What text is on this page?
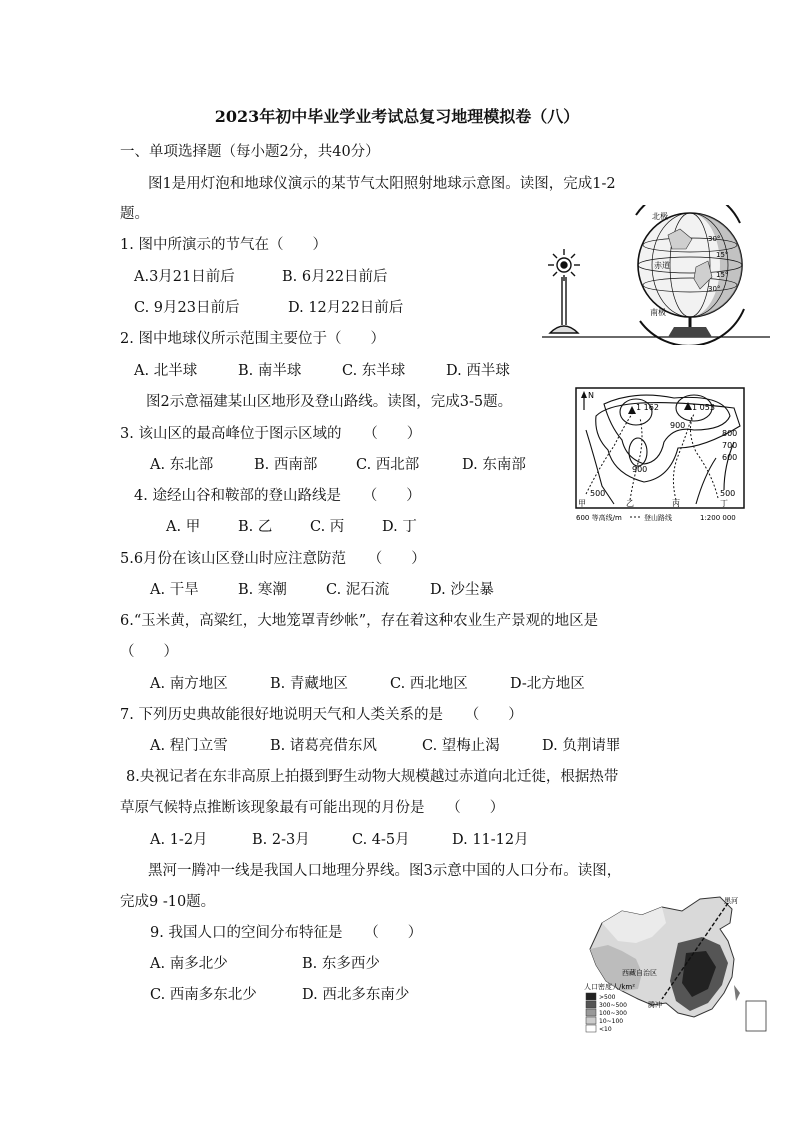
2023年初中毕业学业考试总复习地理模拟卷（八）
一、单项选择题（每小题2分，共40分）
图1是用灯泡和地球仪演示的某节气太阳照射地球示意图。读图，完成1-2
题。
1. 图中所演示的节气在（　　）
A.3月21日前后	B. 6月22日前后
C. 9月23日前后	D. 12月22日前后
2. 图中地球仪所示范围主要位于（　　）
A. 北半球	B. 南半球	C. 东半球	D. 西半球
图2示意福建某山区地形及登山路线。读图，完成3-5题。
3. 该山区的最高峰位于图示区域的　　（　　）
A. 东北部	B. 西南部	C. 西北部	D. 东南部
4. 途经山谷和鞍部的登山路线是　　（　　）
A. 甲	B. 乙	C. 丙	D. 丁
5.6月份在该山区登山时应注意防范　　（　　）
A. 干旱	B. 寒潮	C. 泥石流	D. 沙尘暴
6.“玉米黄，高粱红，大地笼罩青纱帐”，存在着这种农业生产景观的地区是
（　　）
A. 南方地区	B. 青藏地区	C. 西北地区	D-北方地区
7. 下列历史典故能很好地说明天气和人类关系的是　　（　　）
A. 程门立雪	B. 诸葛亮借东风	C. 望梅止渴	D. 负荆请罪
8.央视记者在东非高原上拍摄到野生动物大规模越过赤道向北迁徙，根据热带
草原气候特点推断该现象最有可能出现的月份是　　（　　）
A. 1-2月	B. 2-3月	C. 4-5月	D. 11-12月
黑河一腾冲一线是我国人口地理分界线。图3示意中国的人口分布。读图，
完成9 -10题。
9. 我国人口的空间分布特征是　　（　　）
A. 南多北少	B. 东多西少
C. 西南多东北少	D. 西北多东南少
北极
南极
赤道
30°
30°
15°
15°
N
1 162	1 053
900
800
700
600
500
500
900
甲	乙	丙	丁
600 等高线/m	登山路线	1:200 000
黑河
腾冲
西藏自治区
人口密度人/km²
>500
300~500
100~300
10~100
<10
